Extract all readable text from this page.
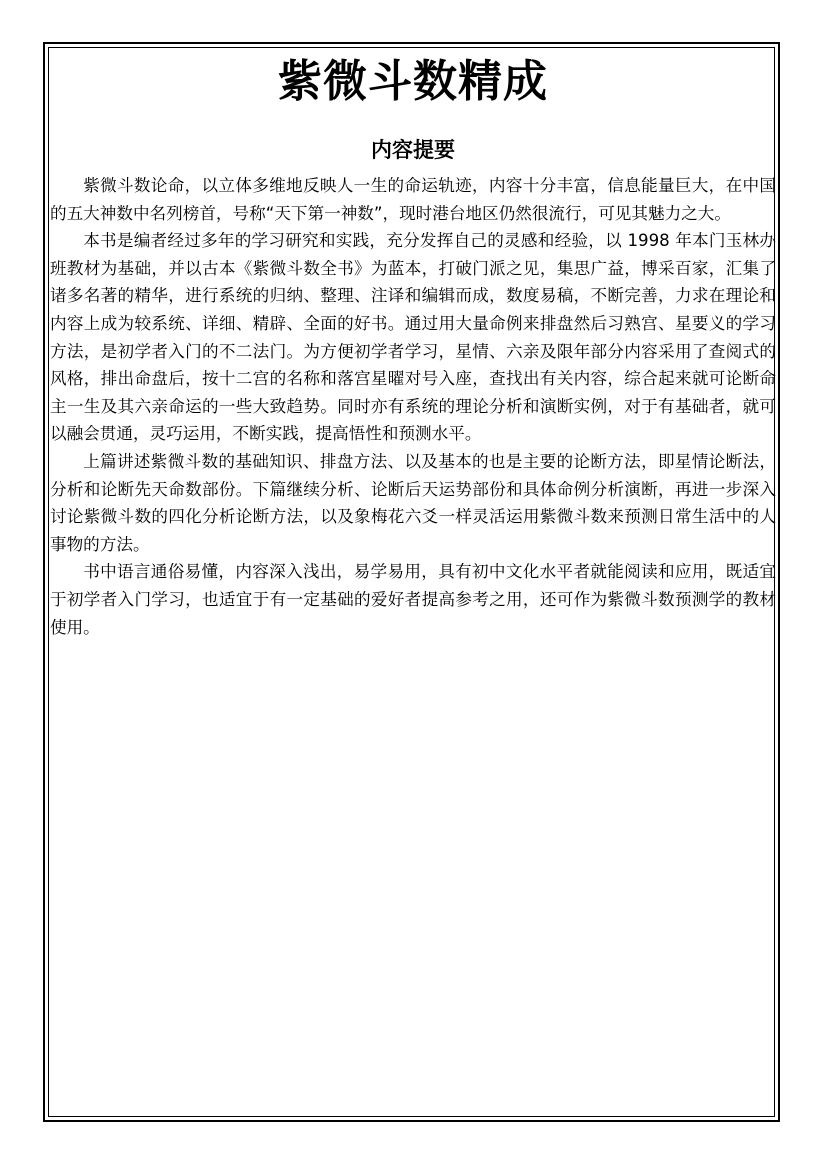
紫微斗数精成
内容提要

紫微斗数论命，以立体多维地反映人一生的命运轨迹，内容十分丰富，信息能量巨大，在中国的五大神数中名列榜首，号称“天下第一神数”，现时港台地区仍然很流行，可见其魅力之大。

本书是编者经过多年的学习研究和实践，充分发挥自己的灵感和经验，以 1998 年本门玉林办班教材为基础，并以古本《紫微斗数全书》为蓝本，打破门派之见，集思广益，博采百家，汇集了诸多名著的精华，进行系统的归纳、整理、注译和编辑而成，数度易稿，不断完善，力求在理论和内容上成为较系统、详细、精辟、全面的好书。通过用大量命例来排盘然后习熟宫、星要义的学习方法，是初学者入门的不二法门。为方便初学者学习，星情、六亲及限年部分内容采用了查阅式的风格，排出命盘后，按十二宫的名称和落宫星曜对号入座，查找出有关内容，综合起来就可论断命主一生及其六亲命运的一些大致趋势。同时亦有系统的理论分析和演断实例，对于有基础者，就可以融会贯通，灵巧运用，不断实践，提高悟性和预测水平。

上篇讲述紫微斗数的基础知识、排盘方法、以及基本的也是主要的论断方法，即星情论断法，分析和论断先天命数部份。下篇继续分析、论断后天运势部份和具体命例分析演断，再进一步深入讨论紫微斗数的四化分析论断方法，以及象梅花六爻一样灵活运用紫微斗数来预测日常生活中的人事物的方法。

书中语言通俗易懂，内容深入浅出，易学易用，具有初中文化水平者就能阅读和应用，既适宜于初学者入门学习，也适宜于有一定基础的爱好者提高参考之用，还可作为紫微斗数预测学的教材使用。
